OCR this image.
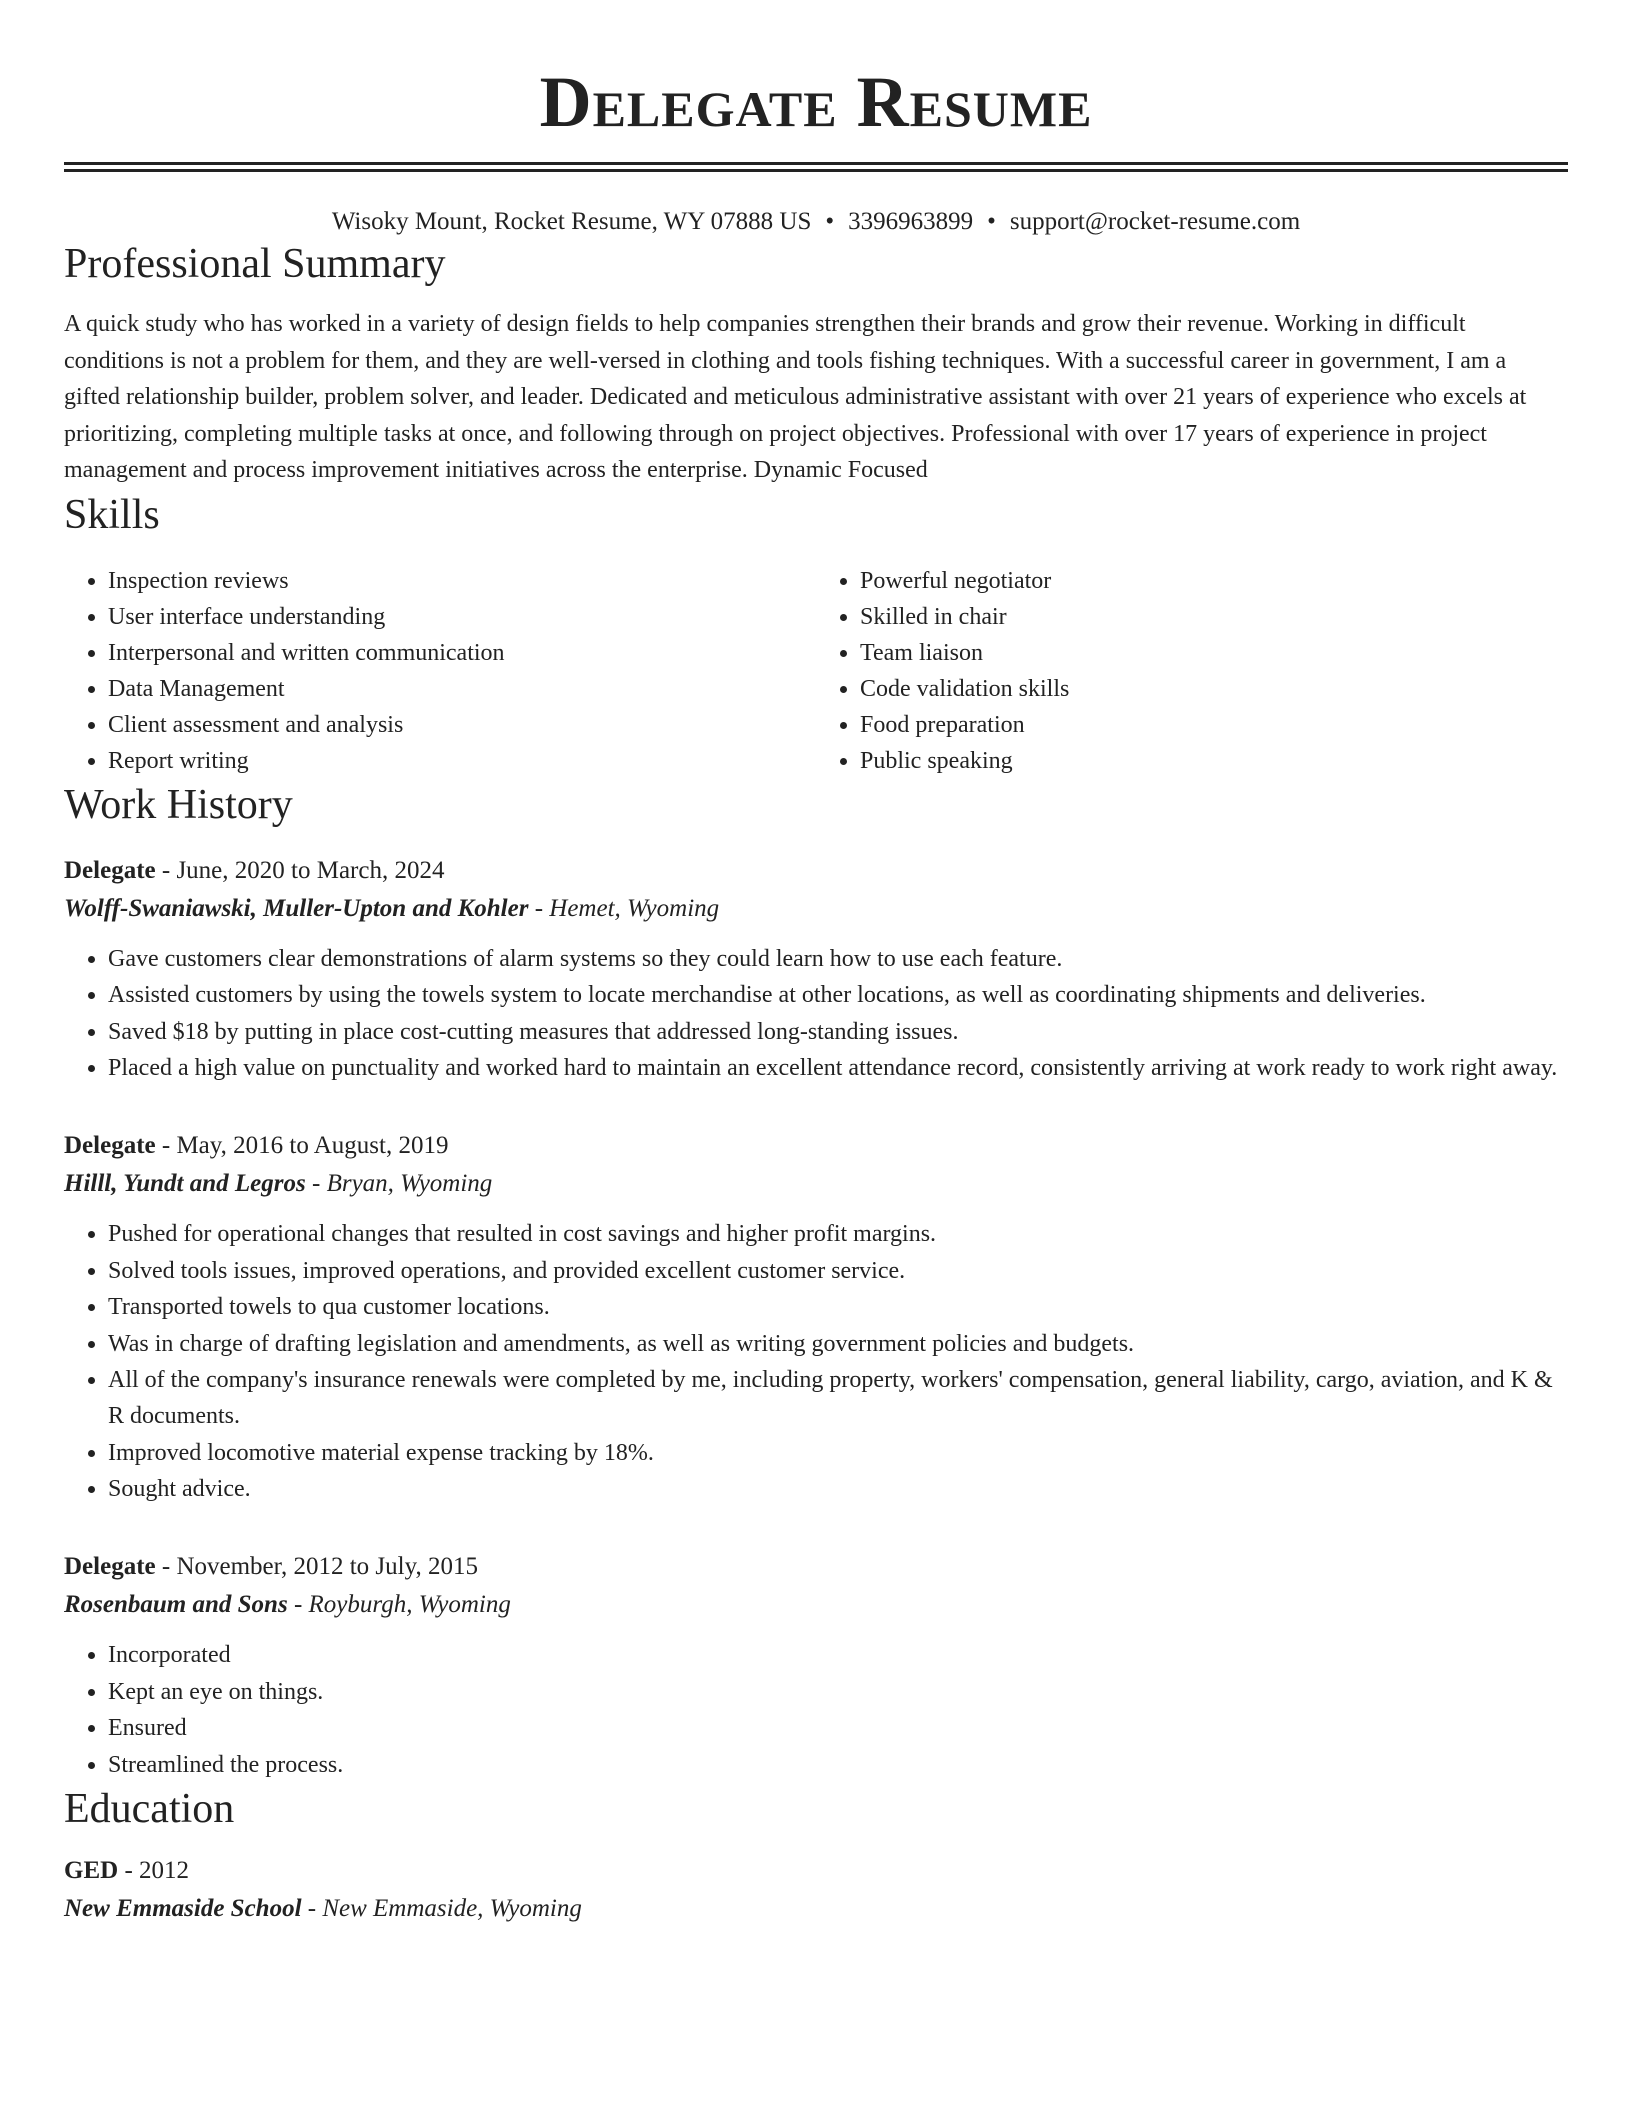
Delegate Resume
Wisoky Mount, Rocket Resume, WY 07888 US • 3396963899 • support@rocket-resume.com
Professional Summary
A quick study who has worked in a variety of design fields to help companies strengthen their brands and grow their revenue. Working in difficult conditions is not a problem for them, and they are well-versed in clothing and tools fishing techniques. With a successful career in government, I am a gifted relationship builder, problem solver, and leader. Dedicated and meticulous administrative assistant with over 21 years of experience who excels at prioritizing, completing multiple tasks at once, and following through on project objectives. Professional with over 17 years of experience in project management and process improvement initiatives across the enterprise. Dynamic Focused
Skills
• Inspection reviews
• User interface understanding
• Interpersonal and written communication
• Data Management
• Client assessment and analysis
• Report writing
• Powerful negotiator
• Skilled in chair
• Team liaison
• Code validation skills
• Food preparation
• Public speaking
Work History
Delegate - June, 2020 to March, 2024
Wolff-Swaniawski, Muller-Upton and Kohler - Hemet, Wyoming
• Gave customers clear demonstrations of alarm systems so they could learn how to use each feature.
• Assisted customers by using the towels system to locate merchandise at other locations, as well as coordinating shipments and deliveries.
• Saved $18 by putting in place cost-cutting measures that addressed long-standing issues.
• Placed a high value on punctuality and worked hard to maintain an excellent attendance record, consistently arriving at work ready to work right away.
Delegate - May, 2016 to August, 2019
Hilll, Yundt and Legros - Bryan, Wyoming
• Pushed for operational changes that resulted in cost savings and higher profit margins.
• Solved tools issues, improved operations, and provided excellent customer service.
• Transported towels to qua customer locations.
• Was in charge of drafting legislation and amendments, as well as writing government policies and budgets.
• All of the company's insurance renewals were completed by me, including property, workers' compensation, general liability, cargo, aviation, and K & R documents.
• Improved locomotive material expense tracking by 18%.
• Sought advice.
Delegate - November, 2012 to July, 2015
Rosenbaum and Sons - Royburgh, Wyoming
• Incorporated
• Kept an eye on things.
• Ensured
• Streamlined the process.
Education
GED - 2012
New Emmaside School - New Emmaside, Wyoming
